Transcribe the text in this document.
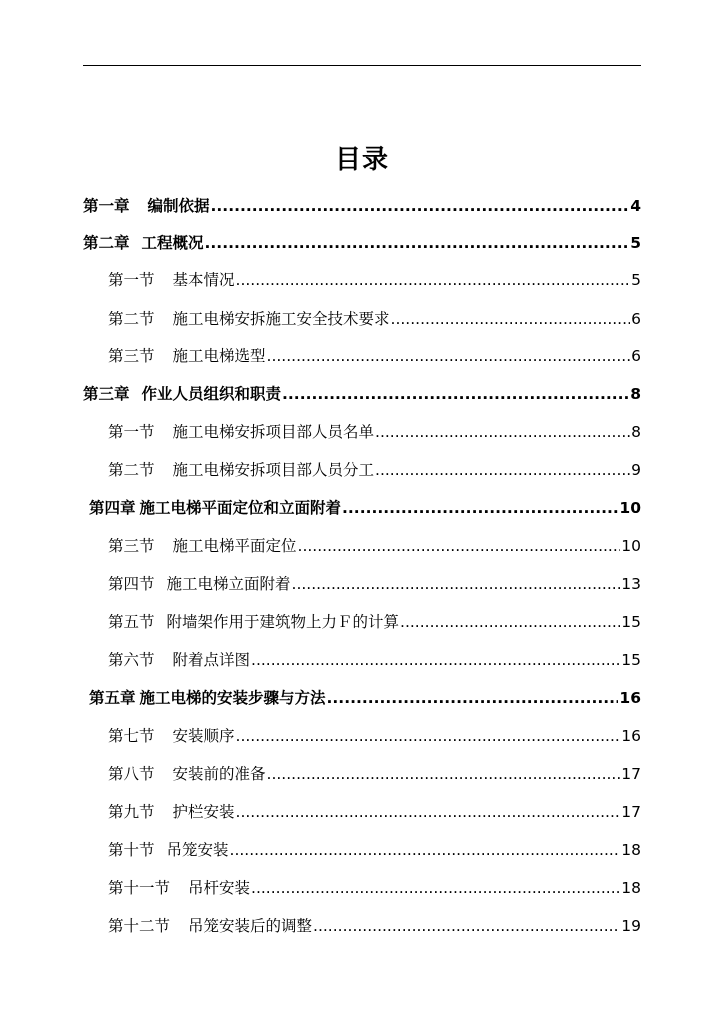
目录
第一章 编制依据 .....	4
第二章 工程概况 .....	5
第一节 基本情况 .....	5
第二节 施工电梯安拆施工安全技术要求 .....	6
第三节 施工电梯选型 .....	6
第三章 作业人员组织和职责 .....	8
第一节 施工电梯安拆项目部人员名单 .....	8
第二节 施工电梯安拆项目部人员分工 .....	9
第四章 施工电梯平面定位和立面附着 .....	10
第三节 施工电梯平面定位 .....	10
第四节 施工电梯立面附着 .....	13
第五节 附墙架作用于建筑物上力Ｆ的计算 .....	15
第六节 附着点详图 .....	15
第五章 施工电梯的安装步骤与方法 .....	16
第七节 安装顺序 .....	16
第八节 安装前的准备 .....	17
第九节 护栏安装 .....	17
第十节 吊笼安装 .....	18
第十一节 吊杆安装 .....	18
第十二节 吊笼安装后的调整 .....	19
